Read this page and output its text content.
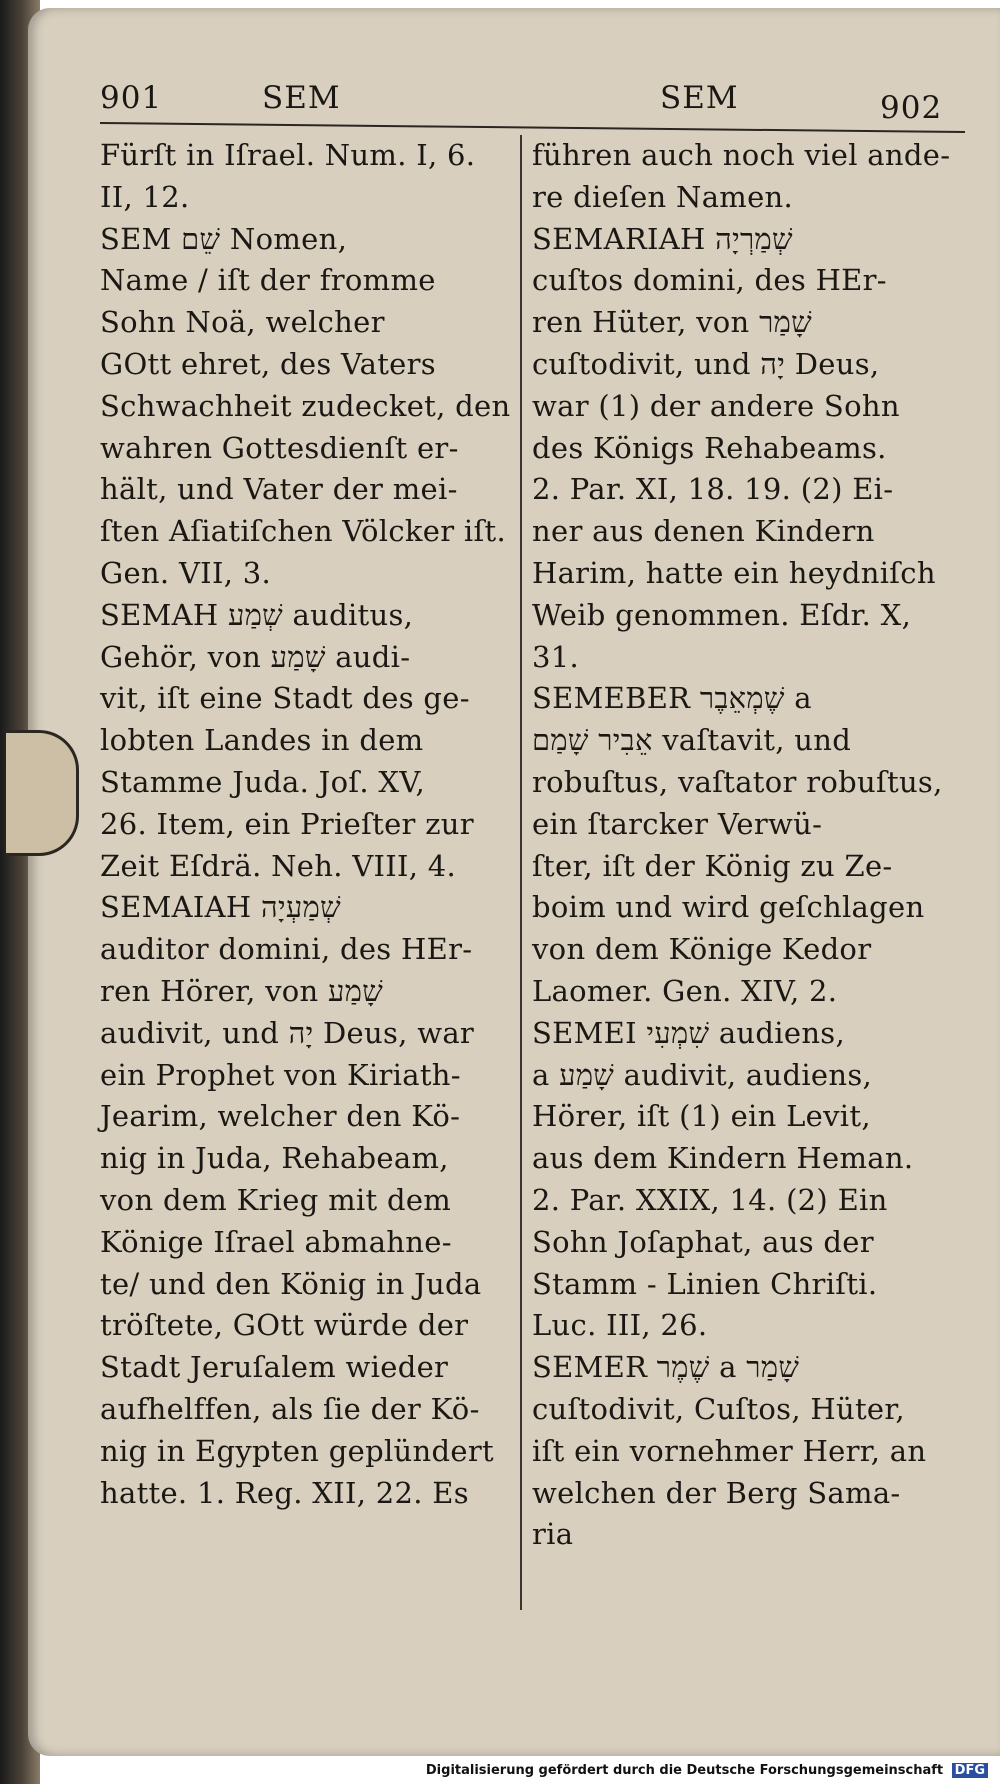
901	SEM	SEM	902
Fürſt in Iſrael. Num. I, 6.
II, 12.
SEM שֵׁם Nomen,
Name / iſt der fromme
Sohn Noä, welcher
GOtt ehret, des Vaters
Schwachheit zudecket, den
wahren Gottesdienſt er-
hält, und Vater der mei-
ſten Aſiatiſchen Völcker iſt.
Gen. VII, 3.
SEMAH שְׁמַע auditus,
Gehör, von שָׁמַע audi-
vit, iſt eine Stadt des ge-
lobten Landes in dem
Stamme Juda. Joſ. XV,
26. Item, ein Prieſter zur
Zeit Eſdrä. Neh. VIII, 4.
SEMAIAH שְׁמַעְיָה
auditor domini, des HEr-
ren Hörer, von שָׁמַע
audivit, und יָה Deus, war
ein Prophet von Kiriath-
Jearim, welcher den Kö-
nig in Juda, Rehabeam,
von dem Krieg mit dem
Könige Iſrael abmahne-
te/ und den König in Juda
tröſtete, GOtt würde der
Stadt Jeruſalem wieder
aufhelffen, als ſie der Kö-
nig in Egypten geplündert
hatte. 1. Reg. XII, 22. Es
führen auch noch viel ande-
re dieſen Namen.
SEMARIAH שְׁמַרְיָה
cuſtos domini, des HEr-
ren Hüter, von שָׁמַר
cuſtodivit, und יָה Deus,
war (1) der andere Sohn
des Königs Rehabeams.
2. Par. XI, 18. 19. (2) Ei-
ner aus denen Kindern
Harim, hatte ein heydniſch
Weib genommen. Eſdr. X,
31.
SEMEBER שֶׁמְאֵבֶר a
אֵבִיר שָׁמַם vaſtavit, und
robuſtus, vaſtator robuſtus,
ein ſtarcker Verwü-
ſter, iſt der König zu Ze-
boim und wird geſchlagen
von dem Könige Kedor
Laomer. Gen. XIV, 2.
SEMEI שִׁמְעִי audiens,
a שָׁמַע audivit, audiens,
Hörer, iſt (1) ein Levit,
aus dem Kindern Heman.
2. Par. XXIX, 14. (2) Ein
Sohn Joſaphat, aus der
Stamm - Linien Chriſti.
Luc. III, 26.
SEMER שֶׁמֶר a שָׁמַר
cuſtodivit, Cuſtos, Hüter,
iſt ein vornehmer Herr, an
welchen der Berg Sama-
ria
Digitalisierung gefördert durch die Deutsche Forschungsgemeinschaft DFG
